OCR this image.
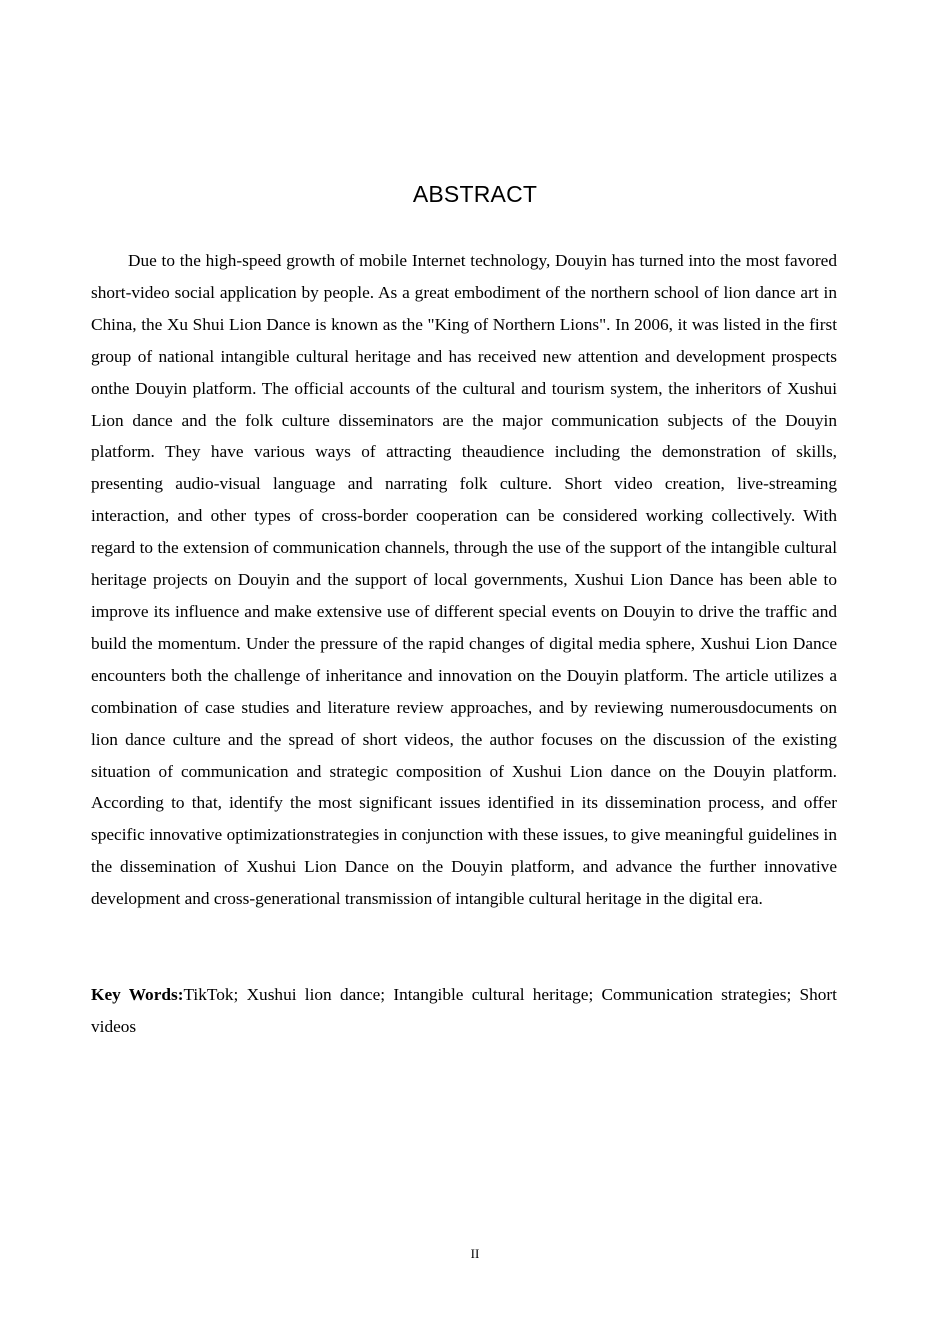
ABSTRACT

Due to the high-speed growth of mobile Internet technology, Douyin has turned into the most favored short-video social application by people. As a great embodiment of the northern school of lion dance art in China, the Xu Shui Lion Dance is known as the "King of Northern Lions". In 2006, it was listed in the first group of national intangible cultural heritage and has received new attention and development prospects onthe Douyin platform. The official accounts of the cultural and tourism system, the inheritors of Xushui Lion dance and the folk culture disseminators are the major communication subjects of the Douyin platform. They have various ways of attracting theaudience including the demonstration of skills, presenting audio-visual language and narrating folk culture. Short video creation, live-streaming interaction, and other types of cross-border cooperation can be considered working collectively. With regard to the extension of communication channels, through the use of the support of the intangible cultural heritage projects on Douyin and the support of local governments, Xushui Lion Dance has been able to improve its influence and make extensive use of different special events on Douyin to drive the traffic and build the momentum. Under the pressure of the rapid changes of digital media sphere, Xushui Lion Dance encounters both the challenge of inheritance and innovation on the Douyin platform. The article utilizes a combination of case studies and literature review approaches, and by reviewing numerousdocuments on lion dance culture and the spread of short videos, the author focuses on the discussion of the existing situation of communication and strategic composition of Xushui Lion dance on the Douyin platform. According to that, identify the most significant issues identified in its dissemination process, and offer specific innovative optimizationstrategies in conjunction with these issues, to give meaningful guidelines in the dissemination of Xushui Lion Dance on the Douyin platform, and advance the further innovative development and cross-generational transmission of intangible cultural heritage in the digital era.

Key Words:TikTok; Xushui lion dance; Intangible cultural heritage; Communication strategies; Short videos

II
